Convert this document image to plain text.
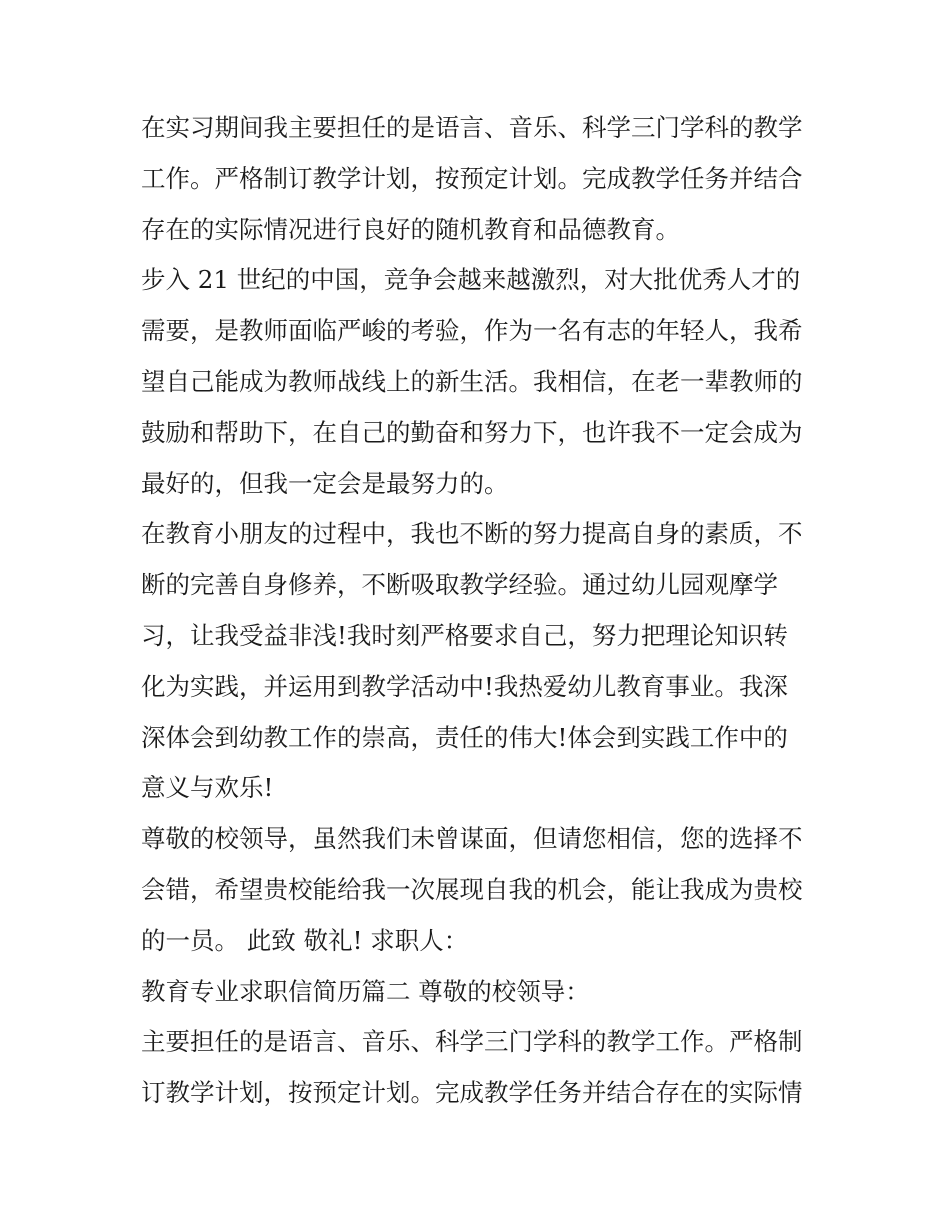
在实习期间我主要担任的是语言、音乐、科学三门学科的教学
工作。严格制订教学计划，按预定计划。完成教学任务并结合
存在的实际情况进行良好的随机教育和品德教育。

步入 21 世纪的中国，竞争会越来越激烈，对大批优秀人才的
需要，是教师面临严峻的考验，作为一名有志的年轻人，我希
望自己能成为教师战线上的新生活。我相信，在老一辈教师的
鼓励和帮助下，在自己的勤奋和努力下，也许我不一定会成为
最好的，但我一定会是最努力的。

在教育小朋友的过程中，我也不断的努力提高自身的素质，不
断的完善自身修养，不断吸取教学经验。通过幼儿园观摩学
习，让我受益非浅!我时刻严格要求自己，努力把理论知识转
化为实践，并运用到教学活动中!我热爱幼儿教育事业。我深
深体会到幼教工作的崇高，责任的伟大!体会到实践工作中的
意义与欢乐!

尊敬的校领导，虽然我们未曾谋面，但请您相信，您的选择不
会错，希望贵校能给我一次展现自我的机会，能让我成为贵校
的一员。 此致 敬礼! 求职人：

教育专业求职信简历篇二 尊敬的校领导：

主要担任的是语言、音乐、科学三门学科的教学工作。严格制
订教学计划，按预定计划。完成教学任务并结合存在的实际情
